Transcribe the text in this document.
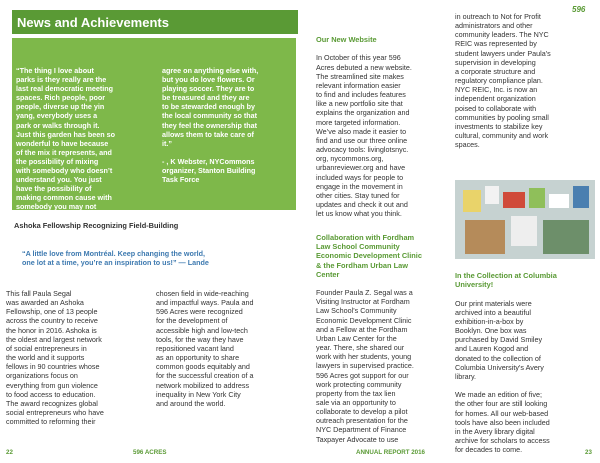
News and Achievements
596
“The thing I love about
parks is they really are the
last real democratic meeting
spaces. Rich people, poor
people, diverse up the yin
yang, everybody uses a
park or walks through it.
Just this garden has been so
wonderful to have because
of the mix it represents, and
the possibility of mixing
with somebody who doesn’t
understand you. You just
have the possibility of
making common cause with
somebody you may not
agree on anything else with,
but you do love flowers. Or
playing soccer. They are to
be treasured and they are
to be stewarded enough by
the local community so that
they feel the ownership that
allows them to take care of
it.”

- , K Webster, NYCommons
organizer, Stanton Building
Task Force
Ashoka Fellowship Recognizing Field-Building
“A little love from Montréal. Keep changing the world,
one lot at a time, you’re an inspiration to us!” — Lande
This fall Paula Segal
was awarded an Ashoka
Fellowship, one of 13 people
across the country to receive
the honor in 2016. Ashoka is
the oldest and largest network
of social entrepreneurs in
the world and it supports
fellows in 90 countries whose
organizations focus on
everything from gun violence
to food access to education.
The award recognizes global
social entrepreneurs who have
committed to reforming their
chosen field in wide-reaching
and impactful ways. Paula and
596 Acres were recognized
for the development of
accessible high and low-tech
tools, for the way they have
repositioned vacant land
as an opportunity to share
common goods equitably and
for the successful creation of a
network mobilized to address
inequality in New York City
and around the world.

Our New Website

In October of this year 596
Acres debuted a new website.
The streamlined site makes
relevant information easier
to find and includes features
like a new portfolio site that
explains the organization and
more targeted information.
We’ve also made it easier to
find and use our three online
advocacy tools: livinglotsnyc.
org, nycommons.org,
urbanreviewer.org and have
included ways for people to
engage in the movement in
other cities. Stay tuned for
updates and check it out and
let us know what you think.

in outreach to Not for Profit
administrators and other
community leaders. The NYC
REIC was represented by
student lawyers under Paula’s
supervision in developing
a corporate structure and
regulatory compliance plan.
NYC REIC, Inc. is now an
independent organization
poised to collaborate with
communities by pooling small
investments to stabilize key
cultural, community and work
spaces.

Collaboration with Fordham
Law School Community
Economic Development Clinic
& the Fordham Urban Law
Center

Founder Paula Z. Segal was a
Visiting Instructor at Fordham
Law School’s Community
Economic Development Clinic
and a Fellow at the Fordham
Urban Law Center for the
year. There, she shared our
work with her students, young
lawyers in supervised practice.
596 Acres got support for our
work protecting community
property from the tax lien
sale via an opportunity to
collaborate to develop a pilot
outreach presentation for the
NYC Department of Finance
Taxpayer Advocate to use

In the Collection at Columbia
University!

Our print materials were
archived into a beautiful
exhibition-in-a-box by
Booklyn. One box was
purchased by David Smiley
and Lauren Kogod and
donated to the collection of
Columbia University’s Avery
library.

We made an edition of five;
the other four are still looking
for homes. All our web-based
tools have also been included
in the Avery library digital
archive for scholars to access
for decades to come.

22	596 ACRES	ANNUAL REPORT 2016	23
